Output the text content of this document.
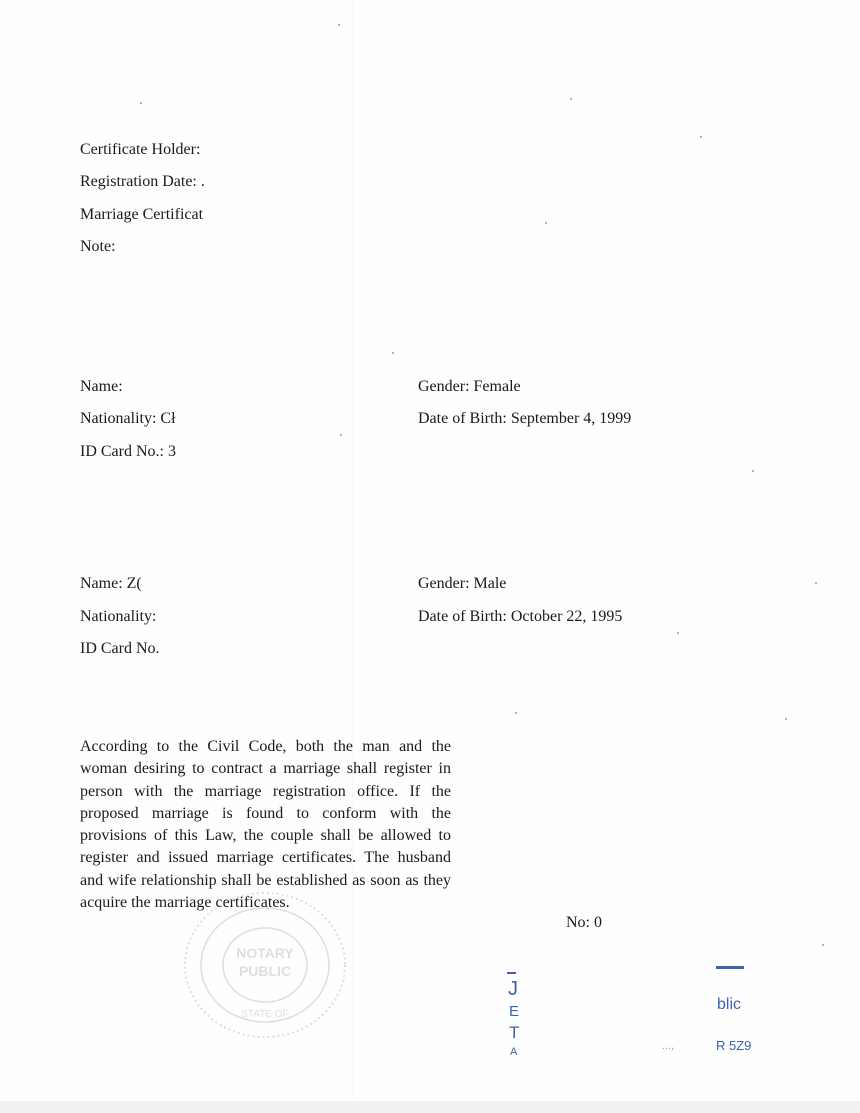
Certificate Holder:
Registration Date: .
Marriage Certificat
Note:
Name:
Nationality: Cł
ID Card No.: 3
Gender: Female
Date of Birth: September 4, 1999
Name: Z(
Nationality:
ID Card No.
Gender: Male
Date of Birth: October 22, 1995
According to the Civil Code, both the man and the woman desiring to contract a marriage shall register in person with the marriage registration office. If the proposed marriage is found to conform with the provisions of this Law, the couple shall be allowed to register and issued marriage certificates. The husband and wife relationship shall be established as soon as they acquire the marriage certificates.
No: 0
NOTARY
PUBLIC
STATE OF
J
E
T
A
blic
...,	R 5Z9
